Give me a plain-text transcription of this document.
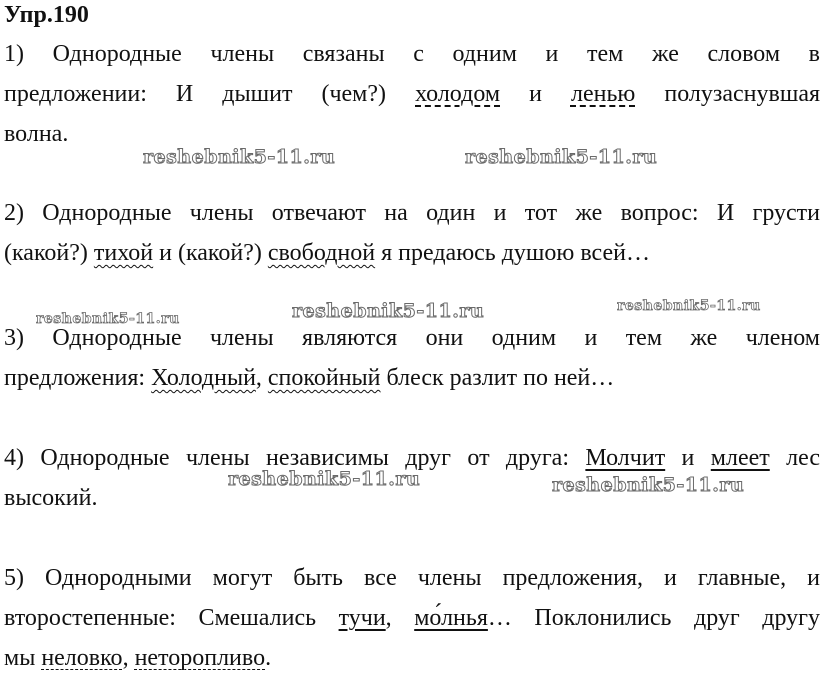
Упр.190
1) Однородные члены связаны с одним и тем же словом в
предложении: И дышит (чем?) холодом и ленью полузаснувшая
волна.
2) Однородные члены отвечают на один и тот же вопрос: И грусти
(какой?) тихой и (какой?) свободной я предаюсь душою всей…
3) Однородные члены являются они одним и тем же членом
предложения: Холодный, спокойный блеск разлит по ней…
4) Однородные члены независимы друг от друга: Молчит и млеет лес
высокий.
5) Однородными могут быть все члены предложения, и главные, и
второстепенные: Смешались тучи, мо́лнья… Поклонились друг другу
мы неловко, неторопливо.
reshebnik5-11.ru	reshebnik5-11.ru
reshebnik5-11.ru	reshebnik5-11.ru	reshebnik5-11.ru
reshebnik5-11.ru	reshebnik5-11.ru
